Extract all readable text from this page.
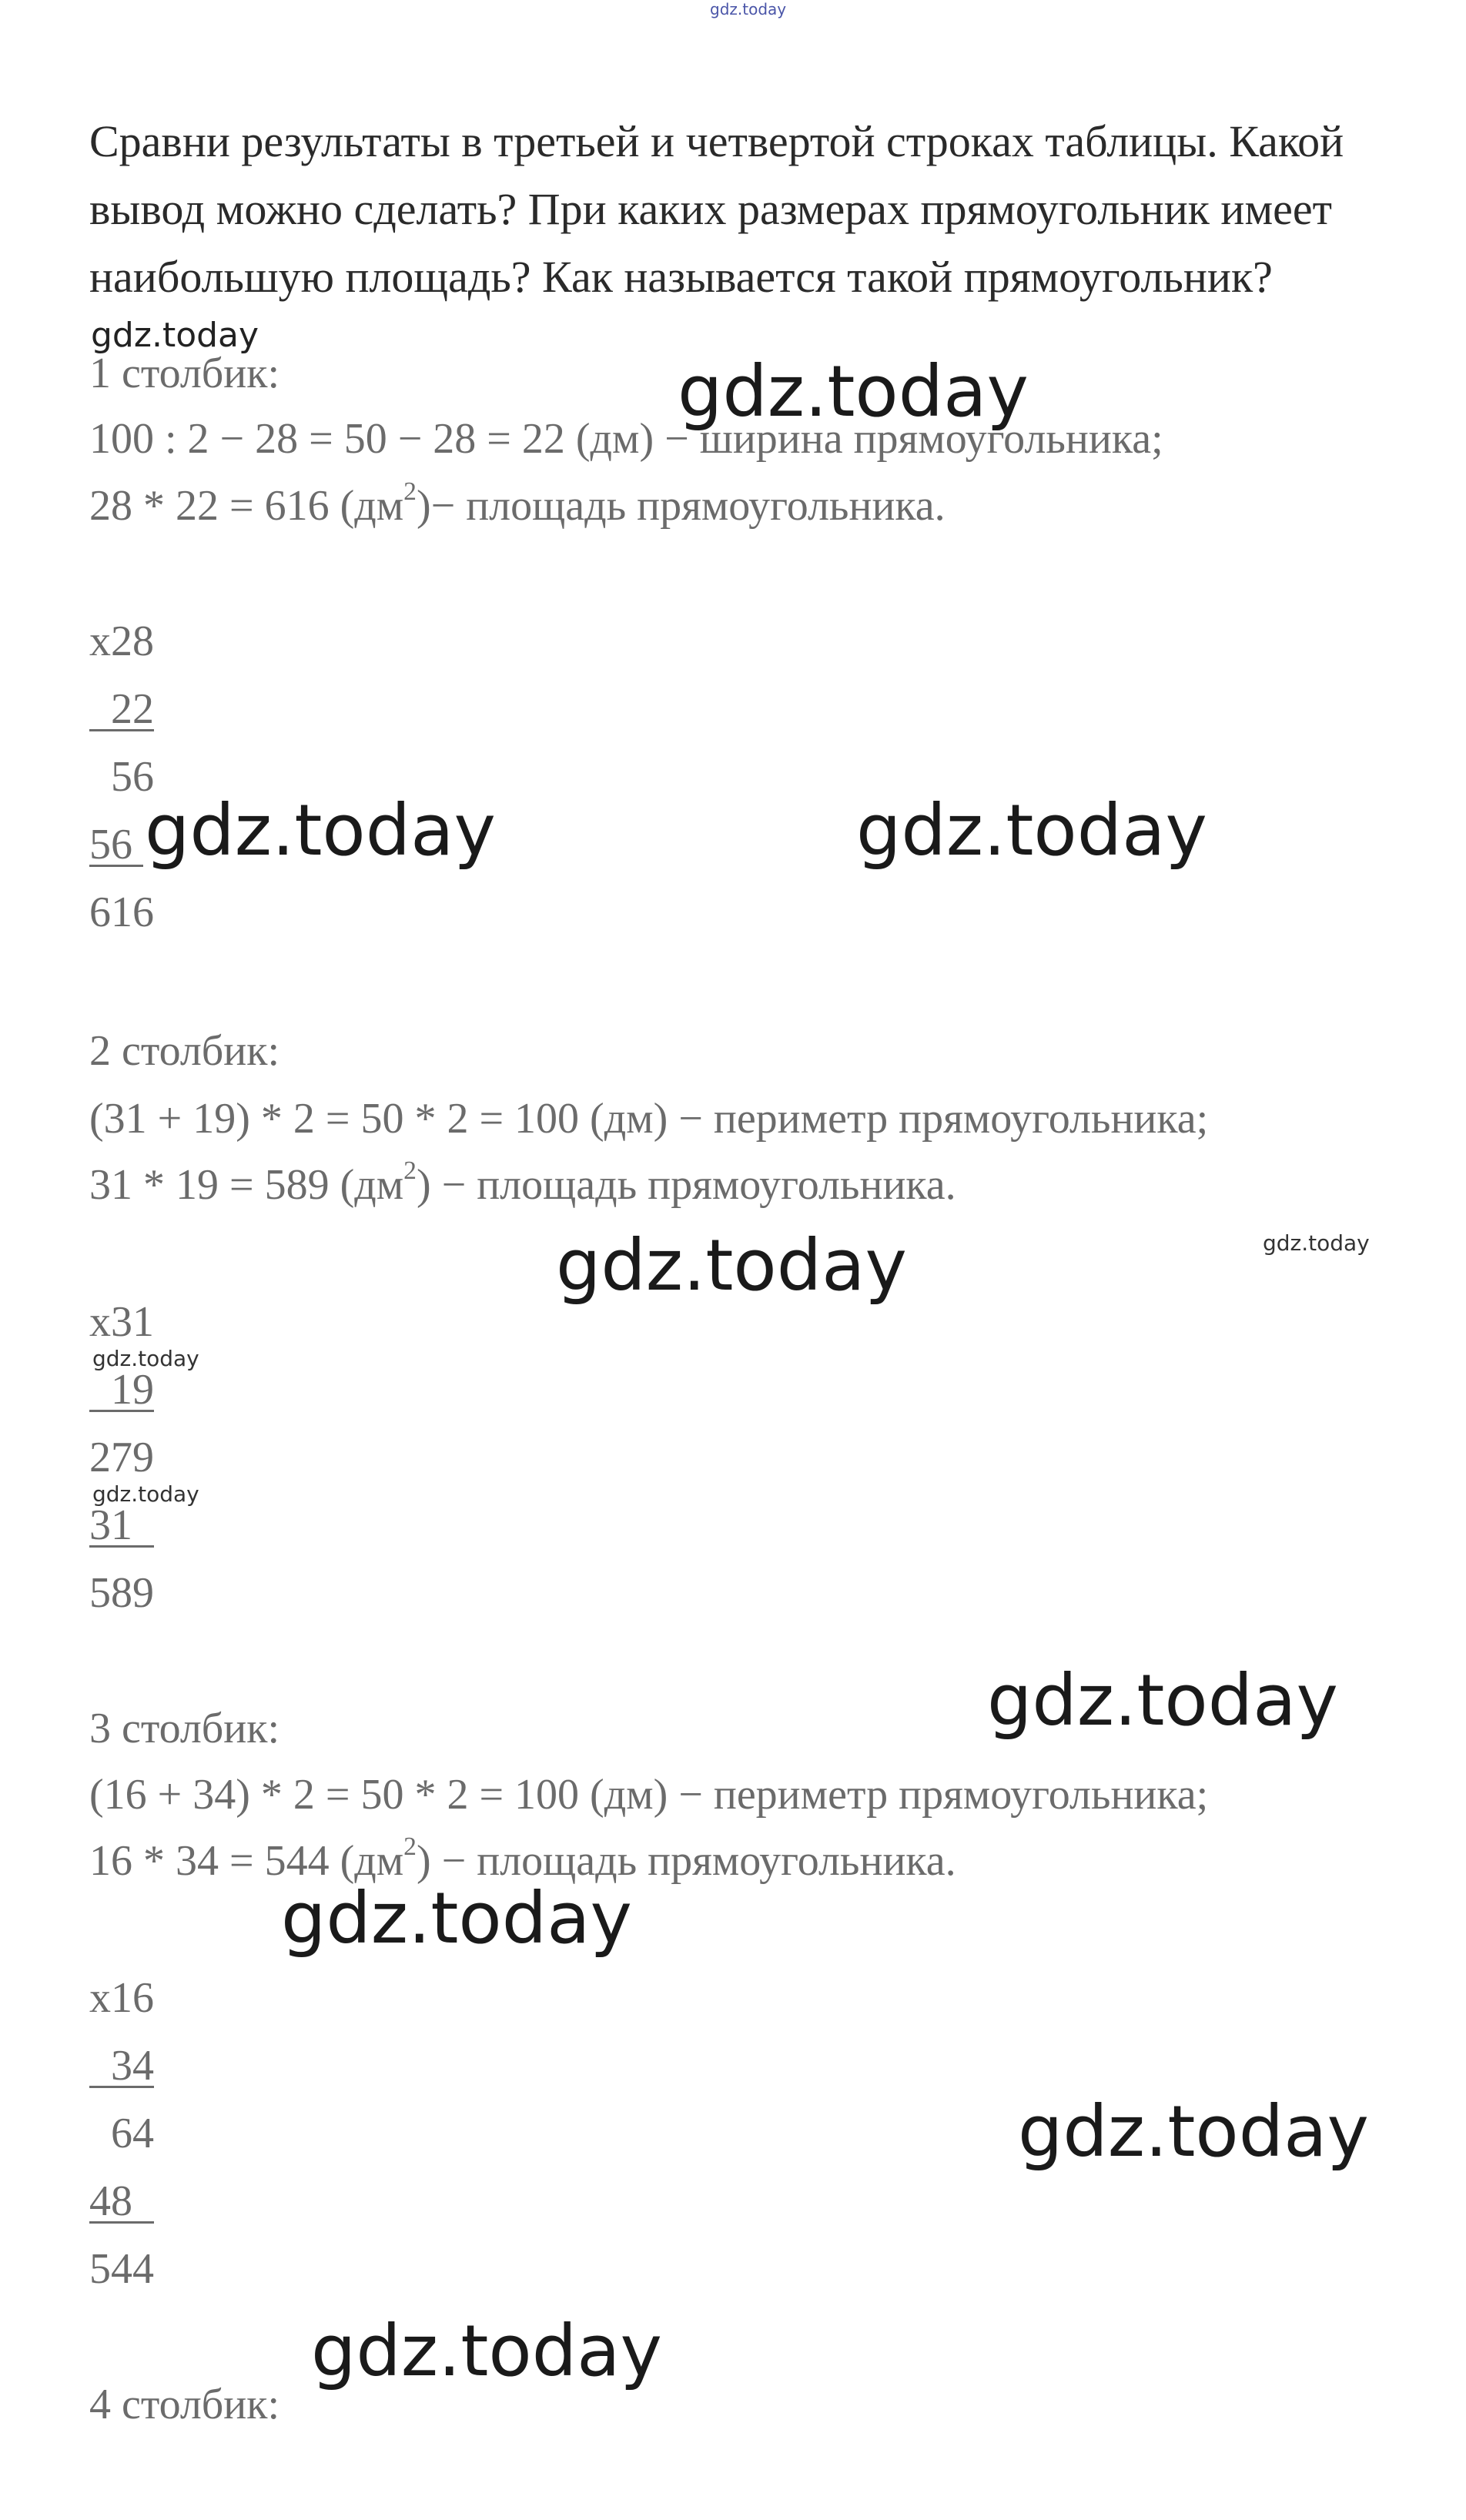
gdz.today
Сравни результаты в третьей и четвертой строках таблицы. Какой вывод можно сделать? При каких размерах прямоугольник имеет наибольшую площадь? Как называется такой прямоугольник?
gdz.today
1 столбик:	gdz.today
100 : 2 − 28 = 50 − 28 = 22 (дм) − ширина прямоугольника;
28 * 22 = 616 $(дм^2)-$ площадь прямоугольника.
x28
22
56
56
616
gdz.today	gdz.today
2 столбик:
(31 + 19) * 2 = 50 * 2 = 100 (дм) − периметр прямоугольника;
31 * 19 = 589 $(дм^2)$ − площадь прямоугольника.
gdz.today	gdz.today
x31
gdz.today
19
279
gdz.today
31
589
gdz.today
3 столбик:
(16 + 34) * 2 = 50 * 2 = 100 (дм) − периметр прямоугольника;
16 * 34 = 544 $(дм^2)$ − площадь прямоугольника.
gdz.today
x16
34
64
48
544
gdz.today
gdz.today
4 столбик:
